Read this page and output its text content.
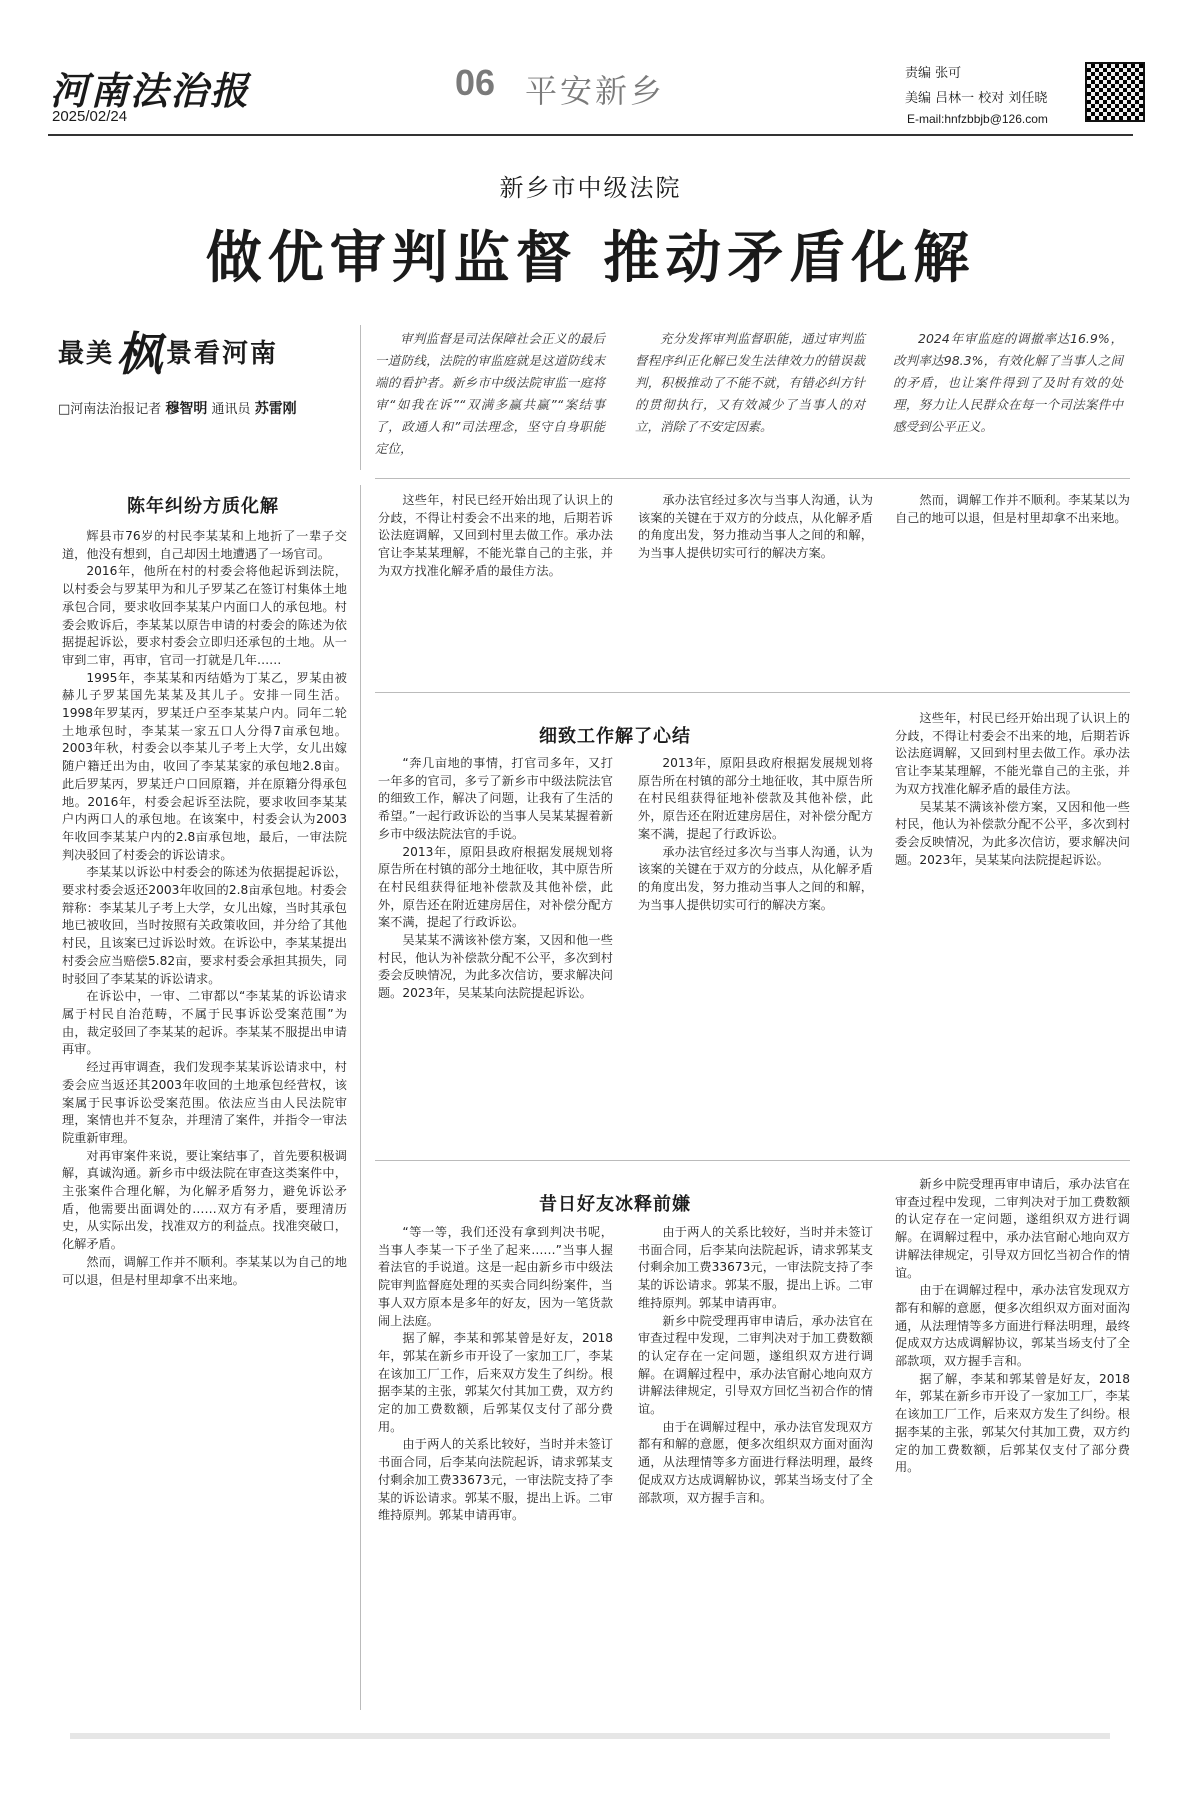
河南法治报
2025/02/24
06 平安新乡	责编 张可
美编 吕林一 校对 刘任晓
E-mail:hnfzbbjb@126.com
新乡市中级法院
做优审判监督 推动矛盾化解
最美枫景看河南
□河南法治报记者 穆智明 通讯员 苏雷刚

审判监督是司法保障社会正义的最后一道防线，法院的审监庭就是这道防线末端的看护者。新乡市中级法院审监一庭将审“如我在诉”“双满多赢共赢”“案结事了，政通人和”司法理念，坚守自身职能定位，

充分发挥审判监督职能，通过审判监督程序纠正化解已发生法律效力的错误裁判，积极推动了不能不就，有错必纠方针的贯彻执行，又有效减少了当事人的对立，消除了不安定因素。

2024年审监庭的调撤率达16.9%，改判率达98.3%，有效化解了当事人之间的矛盾，也让案件得到了及时有效的处理，努力让人民群众在每一个司法案件中感受到公平正义。

陈年纠纷方质化解

辉县市76岁的村民李某某和上地折了一辈子交道，他没有想到，自己却因土地遭遇了一场官司。

2016年，他所在村的村委会将他起诉到法院，以村委会与罗某甲为和儿子罗某乙在签订村集体土地承包合同，要求收回李某某户内面口人的承包地。村委会败诉后，李某某以原告申请的村委会的陈述为依据提起诉讼，要求村委会立即归还承包的土地。从一审到二审，再审，官司一打就是几年……

1995年，李某某和丙结婚为丁某乙，罗某由被赫儿子罗某国先某某及其儿子。安排一同生活。1998年罗某丙，罗某迁户至李某某户内。同年二轮土地承包时，李某某一家五口人分得7亩承包地。2003年秋，村委会以李某儿子考上大学，女儿出嫁随户籍迁出为由，收回了李某某家的承包地2.8亩。此后罗某丙，罗某迁户口回原籍，并在原籍分得承包地。2016年，村委会起诉至法院，要求收回李某某户内两口人的承包地。在该案中，村委会认为2003年收回李某某户内的2.8亩承包地，最后，一审法院判决驳回了村委会的诉讼请求。

李某某以诉讼中村委会的陈述为依据提起诉讼，要求村委会返还2003年收回的2.8亩承包地。村委会辩称：李某某儿子考上大学，女儿出嫁，当时其承包地已被收回，当时按照有关政策收回，并分给了其他村民，且该案已过诉讼时效。在诉讼中，李某某提出村委会应当赔偿5.82亩，要求村委会承担其损失，同时驳回了李某某的诉讼请求。

在诉讼中，一审、二审都以“李某某的诉讼请求属于村民自治范畴，不属于民事诉讼受案范围”为由，裁定驳回了李某某的起诉。李某某不服提出申请再审。

经过再审调查，我们发现李某某诉讼请求中，村委会应当返还其2003年收回的土地承包经营权，该案属于民事诉讼受案范围。依法应当由人民法院审理，案情也并不复杂，并理清了案件，并指令一审法院重新审理。

对再审案件来说，要让案结事了，首先要积极调解，真诚沟通。新乡市中级法院在审查这类案件中，主张案件合理化解，为化解矛盾努力，避免诉讼矛盾，他需要出面调处的……双方有矛盾，要理清历史，从实际出发，找准双方的利益点。找准突破口，化解矛盾。

然而，调解工作并不顺利。李某某以为自己的地可以退，但是村里却拿不出来地。

这些年，村民已经开始出现了认识上的分歧，不得让村委会不出来的地，后期若诉讼法庭调解，又回到村里去做工作。承办法官让李某某理解，不能光靠自己的主张，并为双方找准化解矛盾的最佳方法。

承办法官经过多次与当事人沟通，认为该案的关键在于双方的分歧点，从化解矛盾的角度出发，努力推动当事人之间的和解，为当事人提供切实可行的解决方案。

然而，调解工作并不顺利。李某某以为自己的地可以退，但是村里却拿不出来地。

细致工作解了心结

“奔几亩地的事情，打官司多年，又打一年多的官司，多亏了新乡市中级法院法官的细致工作，解决了问题，让我有了生活的希望。”一起行政诉讼的当事人吴某某握着新乡市中级法院法官的手说。

2013年，原阳县政府根据发展规划将原告所在村镇的部分土地征收，其中原告所在村民组获得征地补偿款及其他补偿，此外，原告还在附近建房居住，对补偿分配方案不满，提起了行政诉讼。

吴某某不满该补偿方案，又因和他一些村民，他认为补偿款分配不公平，多次到村委会反映情况，为此多次信访，要求解决问题。2023年，吴某某向法院提起诉讼。

2013年，原阳县政府根据发展规划将原告所在村镇的部分土地征收，其中原告所在村民组获得征地补偿款及其他补偿，此外，原告还在附近建房居住，对补偿分配方案不满，提起了行政诉讼。

承办法官经过多次与当事人沟通，认为该案的关键在于双方的分歧点，从化解矛盾的角度出发，努力推动当事人之间的和解，为当事人提供切实可行的解决方案。

这些年，村民已经开始出现了认识上的分歧，不得让村委会不出来的地，后期若诉讼法庭调解，又回到村里去做工作。承办法官让李某某理解，不能光靠自己的主张，并为双方找准化解矛盾的最佳方法。

吴某某不满该补偿方案，又因和他一些村民，他认为补偿款分配不公平，多次到村委会反映情况，为此多次信访，要求解决问题。2023年，吴某某向法院提起诉讼。

昔日好友冰释前嫌

“等一等，我们还没有拿到判决书呢，当事人李某一下子坐了起来……”当事人握着法官的手说道。这是一起由新乡市中级法院审判监督庭处理的买卖合同纠纷案件，当事人双方原本是多年的好友，因为一笔货款闹上法庭。

据了解，李某和郭某曾是好友，2018年，郭某在新乡市开设了一家加工厂，李某在该加工厂工作，后来双方发生了纠纷。根据李某的主张，郭某欠付其加工费，双方约定的加工费数额，后郭某仅支付了部分费用。

由于两人的关系比较好，当时并未签订书面合同，后李某向法院起诉，请求郭某支付剩余加工费33673元，一审法院支持了李某的诉讼请求。郭某不服，提出上诉。二审维持原判。郭某申请再审。

由于两人的关系比较好，当时并未签订书面合同，后李某向法院起诉，请求郭某支付剩余加工费33673元，一审法院支持了李某的诉讼请求。郭某不服，提出上诉。二审维持原判。郭某申请再审。

新乡中院受理再审申请后，承办法官在审查过程中发现，二审判决对于加工费数额的认定存在一定问题，遂组织双方进行调解。在调解过程中，承办法官耐心地向双方讲解法律规定，引导双方回忆当初合作的情谊。

由于在调解过程中，承办法官发现双方都有和解的意愿，便多次组织双方面对面沟通，从法理情等多方面进行释法明理，最终促成双方达成调解协议，郭某当场支付了全部款项，双方握手言和。

新乡中院受理再审申请后，承办法官在审查过程中发现，二审判决对于加工费数额的认定存在一定问题，遂组织双方进行调解。在调解过程中，承办法官耐心地向双方讲解法律规定，引导双方回忆当初合作的情谊。

由于在调解过程中，承办法官发现双方都有和解的意愿，便多次组织双方面对面沟通，从法理情等多方面进行释法明理，最终促成双方达成调解协议，郭某当场支付了全部款项，双方握手言和。

据了解，李某和郭某曾是好友，2018年，郭某在新乡市开设了一家加工厂，李某在该加工厂工作，后来双方发生了纠纷。根据李某的主张，郭某欠付其加工费，双方约定的加工费数额，后郭某仅支付了部分费用。
